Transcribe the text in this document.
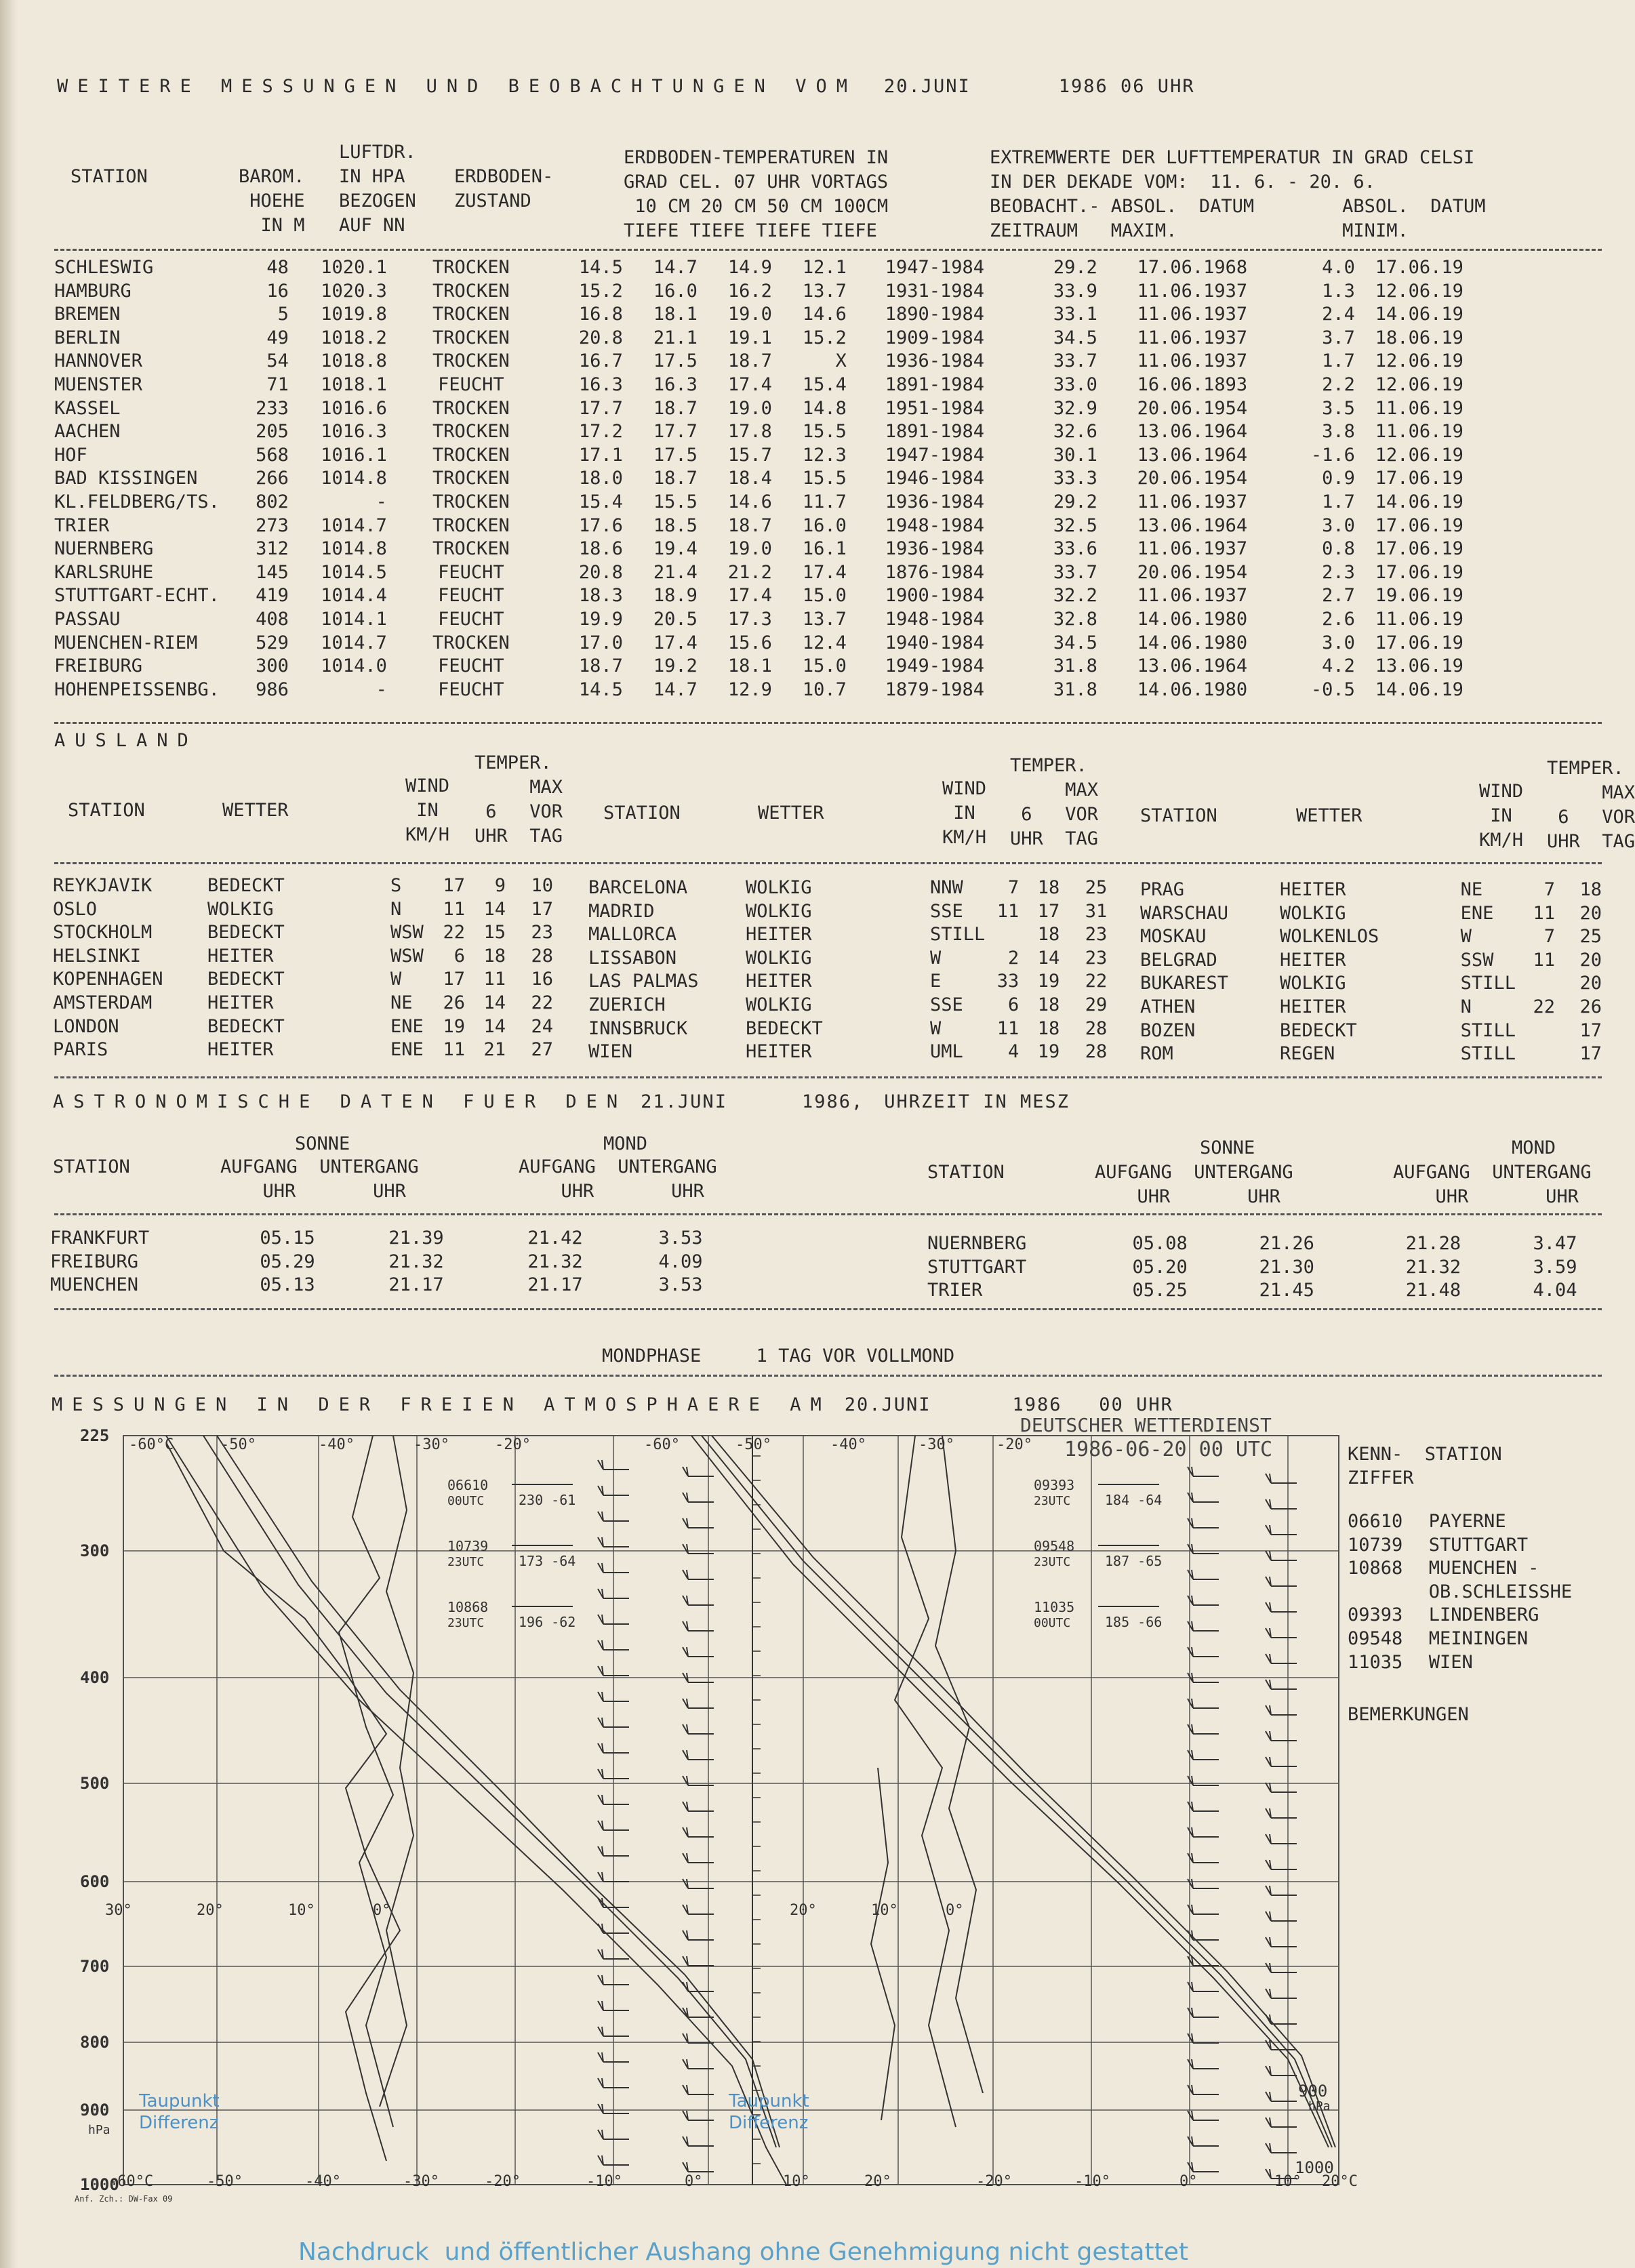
WEITERE MESSUNGEN UND BEOBACHTUNGEN VOM 20.JUNI	1986 06 UHR
STATION	BAROM.
HOEHE
IN M
LUFTDR.
IN HPA
BEZOGEN
AUF NN
ERDBODEN-
ZUSTAND
ERDBODEN-TEMPERATUREN IN
GRAD CEL. 07 UHR VORTAGS
10 CM 20 CM 50 CM 100CM
TIEFE TIEFE TIEFE TIEFE
EXTREMWERTE DER LUFTTEMPERATUR IN GRAD CELSI
IN DER DEKADE VOM:  11. 6. - 20. 6.
BEOBACHT.- ABSOL.  DATUM        ABSOL.  DATUM
ZEITRAUM   MAXIM.               MINIM.
SCHLESWIG	48	1020.1	TROCKEN	14.5	14.7	14.9	12.1	1947-1984	29.2	17.06.1968	4.0	17.06.19
HAMBURG	16	1020.3	TROCKEN	15.2	16.0	16.2	13.7	1931-1984	33.9	11.06.1937	1.3	12.06.19
BREMEN	5	1019.8	TROCKEN	16.8	18.1	19.0	14.6	1890-1984	33.1	11.06.1937	2.4	14.06.19
BERLIN	49	1018.2	TROCKEN	20.8	21.1	19.1	15.2	1909-1984	34.5	11.06.1937	3.7	18.06.19
HANNOVER	54	1018.8	TROCKEN	16.7	17.5	18.7	X	1936-1984	33.7	11.06.1937	1.7	12.06.19
MUENSTER	71	1018.1	FEUCHT	16.3	16.3	17.4	15.4	1891-1984	33.0	16.06.1893	2.2	12.06.19
KASSEL	233	1016.6	TROCKEN	17.7	18.7	19.0	14.8	1951-1984	32.9	20.06.1954	3.5	11.06.19
AACHEN	205	1016.3	TROCKEN	17.2	17.7	17.8	15.5	1891-1984	32.6	13.06.1964	3.8	11.06.19
HOF	568	1016.1	TROCKEN	17.1	17.5	15.7	12.3	1947-1984	30.1	13.06.1964	-1.6	12.06.19
BAD KISSINGEN	266	1014.8	TROCKEN	18.0	18.7	18.4	15.5	1946-1984	33.3	20.06.1954	0.9	17.06.19
KL.FELDBERG/TS.	802	-	TROCKEN	15.4	15.5	14.6	11.7	1936-1984	29.2	11.06.1937	1.7	14.06.19
TRIER	273	1014.7	TROCKEN	17.6	18.5	18.7	16.0	1948-1984	32.5	13.06.1964	3.0	17.06.19
NUERNBERG	312	1014.8	TROCKEN	18.6	19.4	19.0	16.1	1936-1984	33.6	11.06.1937	0.8	17.06.19
KARLSRUHE	145	1014.5	FEUCHT	20.8	21.4	21.2	17.4	1876-1984	33.7	20.06.1954	2.3	17.06.19
STUTTGART-ECHT.	419	1014.4	FEUCHT	18.3	18.9	17.4	15.0	1900-1984	32.2	11.06.1937	2.7	19.06.19
PASSAU	408	1014.1	FEUCHT	19.9	20.5	17.3	13.7	1948-1984	32.8	14.06.1980	2.6	11.06.19
MUENCHEN-RIEM	529	1014.7	TROCKEN	17.0	17.4	15.6	12.4	1940-1984	34.5	14.06.1980	3.0	17.06.19
FREIBURG	300	1014.0	FEUCHT	18.7	19.2	18.1	15.0	1949-1984	31.8	13.06.1964	4.2	13.06.19
HOHENPEISSENBG.	986	-	FEUCHT	14.5	14.7	12.9	10.7	1879-1984	31.8	14.06.1980	-0.5	14.06.19
AUSLAND
STATION	WETTER
WIND
IN
KM/H
TEMPER.
MAX
6   VOR
UHR  TAG
STATION	WETTER
WIND
IN
KM/H
TEMPER.
MAX
6   VOR
UHR  TAG
STATION	WETTER
WIND
IN
KM/H
TEMPER.
MAX
6   VOR
UHR  TAG
REYKJAVIK	BEDECKT	S	17	9	10
OSLO	WOLKIG	N	11	14	17
STOCKHOLM	BEDECKT	WSW	22	15	23
HELSINKI	HEITER	WSW	6	18	28
KOPENHAGEN	BEDECKT	W	17	11	16
AMSTERDAM	HEITER	NE	26	14	22
LONDON	BEDECKT	ENE	19	14	24
PARIS	HEITER	ENE	11	21	27
BARCELONA	WOLKIG	NNW	7	18	25
MADRID	WOLKIG	SSE	11	17	31
MALLORCA	HEITER	STILL		18	23
LISSABON	WOLKIG	W	2	14	23
LAS PALMAS	HEITER	E	33	19	22
ZUERICH	WOLKIG	SSE	6	18	29
INNSBRUCK	BEDECKT	W	11	18	28
WIEN	HEITER	UML	4	19	28
PRAG	HEITER	NE	7	18
WARSCHAU	WOLKIG	ENE	11	20
MOSKAU	WOLKENLOS	W	7	25
BELGRAD	HEITER	SSW	11	20
BUKAREST	WOLKIG	STILL		20
ATHEN	HEITER	N	22	26
BOZEN	BEDECKT	STILL		17
ROM	REGEN	STILL		17
ASTRONOMISCHE DATEN FUER DEN 21.JUNI	1986, UHRZEIT IN MESZ
SONNE	MOND
STATION	AUFGANG  UNTERGANG	AUFGANG  UNTERGANG
UHR       UHR	UHR       UHR
SONNE	MOND
STATION	AUFGANG  UNTERGANG	AUFGANG  UNTERGANG
UHR       UHR	UHR       UHR
FRANKFURT	05.15	21.39	21.42	3.53
FREIBURG	05.29	21.32	21.32	4.09
MUENCHEN	05.13	21.17	21.17	3.53
NUERNBERG	05.08	21.26	21.28	3.47
STUTTGART	05.20	21.30	21.32	3.59
TRIER	05.25	21.45	21.48	4.04
MONDPHASE	1 TAG VOR VOLLMOND
MESSUNGEN IN DER FREIEN ATMOSPHAERE AM 20.JUNI	1986   00 UHR
KENN-  STATION
ZIFFER
06610	PAYERNE
10739	STUTTGART
10868	MUENCHEN -
	OB.SCHLEISSHE
09393	LINDENBERG
09548	MEININGEN
11035	WIEN
BEMERKUNGEN
225
300
400
500
600
700
800
900
1000
-60°C	-50°	-40°	-30°	-20°	-60°	-50°	-40°	-30°	-20°
-60°C	-50°	-40°	-30°	-20°	-10°	0°	10°	20°	-20°	-10°	0°	10° 20°C
30°	20°	10°	0°	20°	10°	0°
06610
00UTC	230 -61
10739
23UTC	173 -64
10868
23UTC	196 -62
09393
23UTC	184 -64
09548
23UTC	187 -65
11035
00UTC	185 -66
DEUTSCHER WETTERDIENST
1986-06-20 00 UTC
Taupunkt
Differenz
Taupunkt
Differenz
hPa
hPa
900
1000
Anf. Zch.: DW-Fax 09
Nachdruck  und öffentlicher Aushang ohne Genehmigung nicht gestattet
